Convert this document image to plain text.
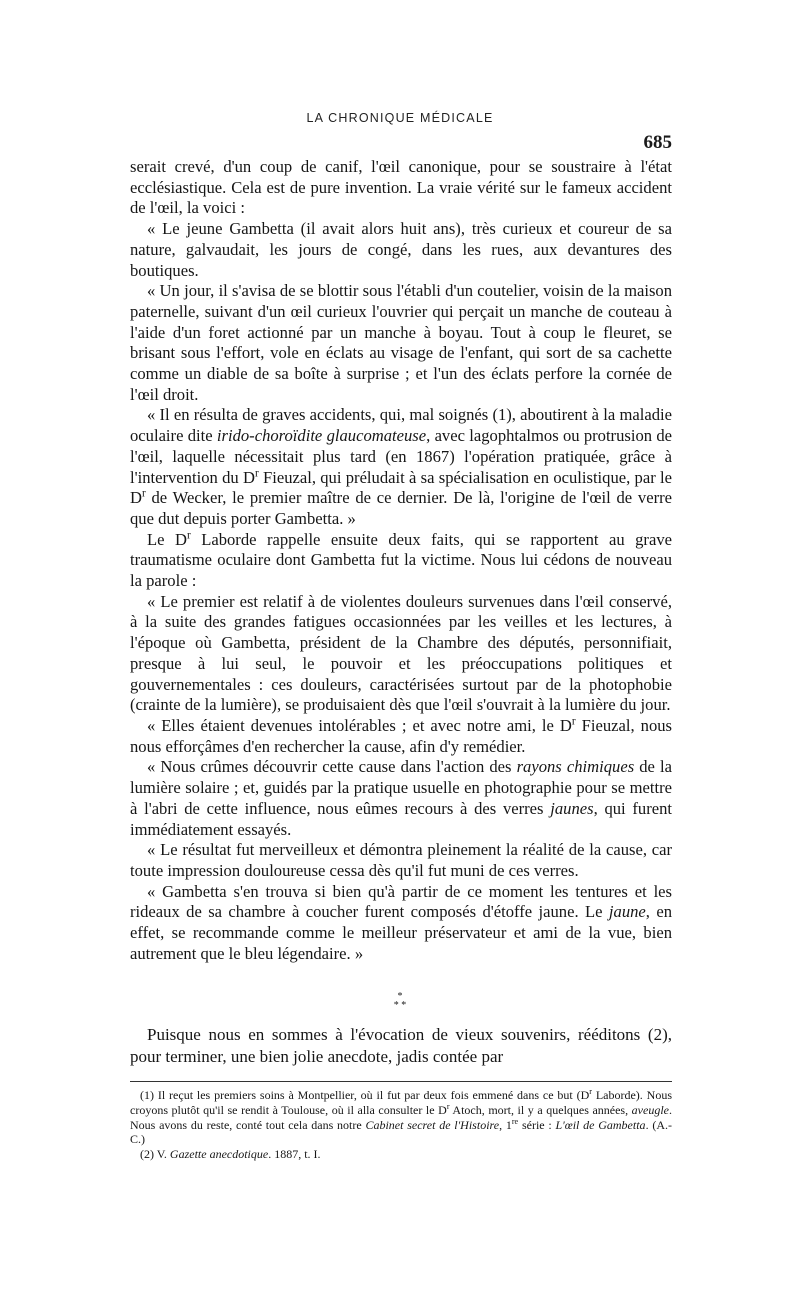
LA CHRONIQUE MÉDICALE
685

serait crevé, d'un coup de canif, l'œil canonique, pour se soustraire à l'état ecclésiastique. Cela est de pure invention. La vraie vérité sur le fameux accident de l'œil, la voici :

« Le jeune Gambetta (il avait alors huit ans), très curieux et coureur de sa nature, galvaudait, les jours de congé, dans les rues, aux devantures des boutiques.

« Un jour, il s'avisa de se blottir sous l'établi d'un coutelier, voisin de la maison paternelle, suivant d'un œil curieux l'ouvrier qui perçait un manche de couteau à l'aide d'un foret actionné par un manche à boyau. Tout à coup le fleuret, se brisant sous l'effort, vole en éclats au visage de l'enfant, qui sort de sa cachette comme un diable de sa boîte à surprise ; et l'un des éclats perfore la cornée de l'œil droit.

« Il en résulta de graves accidents, qui, mal soignés (1), aboutirent à la maladie oculaire dite irido-choroïdite glaucomateuse, avec lagophtalmos ou protrusion de l'œil, laquelle nécessitait plus tard (en 1867) l'opération pratiquée, grâce à l'intervention du $D^r$ Fieuzal, qui préludait à sa spécialisation en oculistique, par le $D^r$ de Wecker, le premier maître de ce dernier. De là, l'origine de l'œil de verre que dut depuis porter Gambetta. »

Le $D^r$ Laborde rappelle ensuite deux faits, qui se rapportent au grave traumatisme oculaire dont Gambetta fut la victime. Nous lui cédons de nouveau la parole :

« Le premier est relatif à de violentes douleurs survenues dans l'œil conservé, à la suite des grandes fatigues occasionnées par les veilles et les lectures, à l'époque où Gambetta, président de la Chambre des députés, personnifiait, presque à lui seul, le pouvoir et les préoccupations politiques et gouvernementales : ces douleurs, caractérisées surtout par de la photophobie (crainte de la lumière), se produisaient dès que l'œil s'ouvrait à la lumière du jour.

« Elles étaient devenues intolérables ; et avec notre ami, le $D^r$ Fieuzal, nous nous efforçâmes d'en rechercher la cause, afin d'y remédier.

« Nous crûmes découvrir cette cause dans l'action des rayons chimiques de la lumière solaire ; et, guidés par la pratique usuelle en photographie pour se mettre à l'abri de cette influence, nous eûmes recours à des verres jaunes, qui furent immédiatement essayés.

« Le résultat fut merveilleux et démontra pleinement la réalité de la cause, car toute impression douloureuse cessa dès qu'il fut muni de ces verres.

« Gambetta s'en trouva si bien qu'à partir de ce moment les tentures et les rideaux de sa chambre à coucher furent composés d'étoffe jaune. Le jaune, en effet, se recommande comme le meilleur préservateur et ami de la vue, bien autrement que le bleu légendaire. »

*
* *

Puisque nous en sommes à l'évocation de vieux souvenirs, rééditons (2), pour terminer, une bien jolie anecdote, jadis contée par

(1) Il reçut les premiers soins à Montpellier, où il fut par deux fois emmené dans ce but ($D^r$ Laborde). Nous croyons plutôt qu'il se rendit à Toulouse, où il alla consulter le $D^r$ Atoch, mort, il y a quelques années, aveugle. Nous avons du reste, conté tout cela dans notre Cabinet secret de l'Histoire, 1re série : L'œil de Gambetta. (A.-C.)

(2) V. Gazette anecdotique. 1887, t. I.
